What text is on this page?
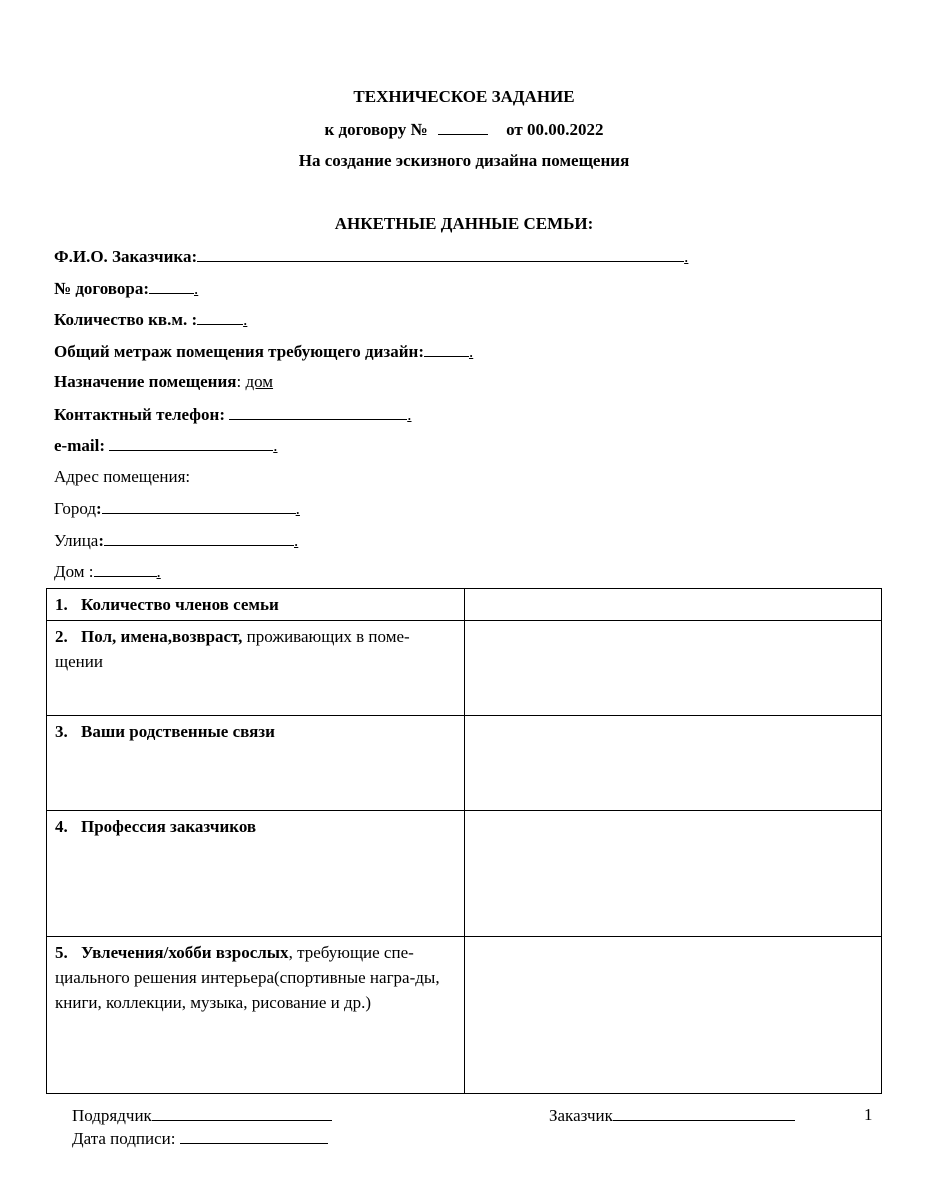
ТЕХНИЧЕСКОЕ ЗАДАНИЕ
к договору №	от 00.00.2022
На создание эскизного дизайна помещения
АНКЕТНЫЕ ДАННЫЕ СЕМЬИ:
Ф.И.О. Заказчика:	.
№ договора:	.
Количество кв.м. :	.
Общий метраж помещения требующего дизайн:	.
Назначение помещения: дом
Контактный телефон:	.
e-mail:	.
Адрес помещения:
Город:	.
Улица:	.
Дом :	.
1. Количество членов семьи	
2. Пол, имена,возвраст, проживающих в поме-щении	
3. Ваши родственные связи	
4. Профессия заказчиков	
5. Увлечения/хобби взрослых, требующие спе-циального решения интерьера(спортивные награ-ды, книги, коллекции, музыка, рисование и др.)	
Подрядчик	Заказчик	1
Дата подписи:
